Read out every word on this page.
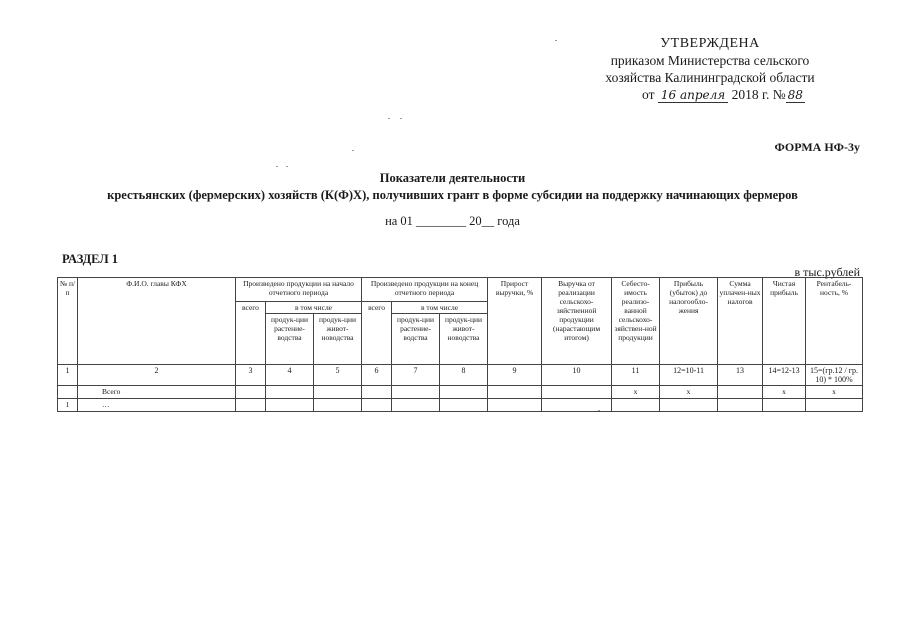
УТВЕРЖДЕНА
приказом Министерства сельского
хозяйства Калининградской области
от 16 апреля 2018 г. № 88
ФОРМА НФ-3у
Показатели деятельности
крестьянских (фермерских) хозяйств (К(Ф)Х), получивших грант в форме субсидии на поддержку начинающих фермеров
на 01 ________ 20__ года
РАЗДЕЛ 1
в тыс.рублей
№ п/п	Ф.И.О. главы КФХ	Произведено продукции на начало отчетного периода			Произведено продукции на конец отчетного периода			Прирост выручки, %	Выручка от реализации сельскохо-зяйственной продукции (нарастающим итогом)	Себесто-имость реализо-ванной сельскохо-зяйствен-ной продукции	Прибыль (убыток) до налогообло-жения	Сумма уплачен-ных налогов	Чистая прибыль	Рентабель-ность, %
		всего	в том числе		всего	в том числе								
			продук-ции растение-водства	продук-ции живот-новодства		продук-ции растение-водства	продук-ции живот-новодства							
1	2	3	4	5	6	7	8	9	10	11	12=10-11	13	14=12-13	15=(гр.12 / гр. 10) * 100%
	Всего									х	х		х	х
1	…													
